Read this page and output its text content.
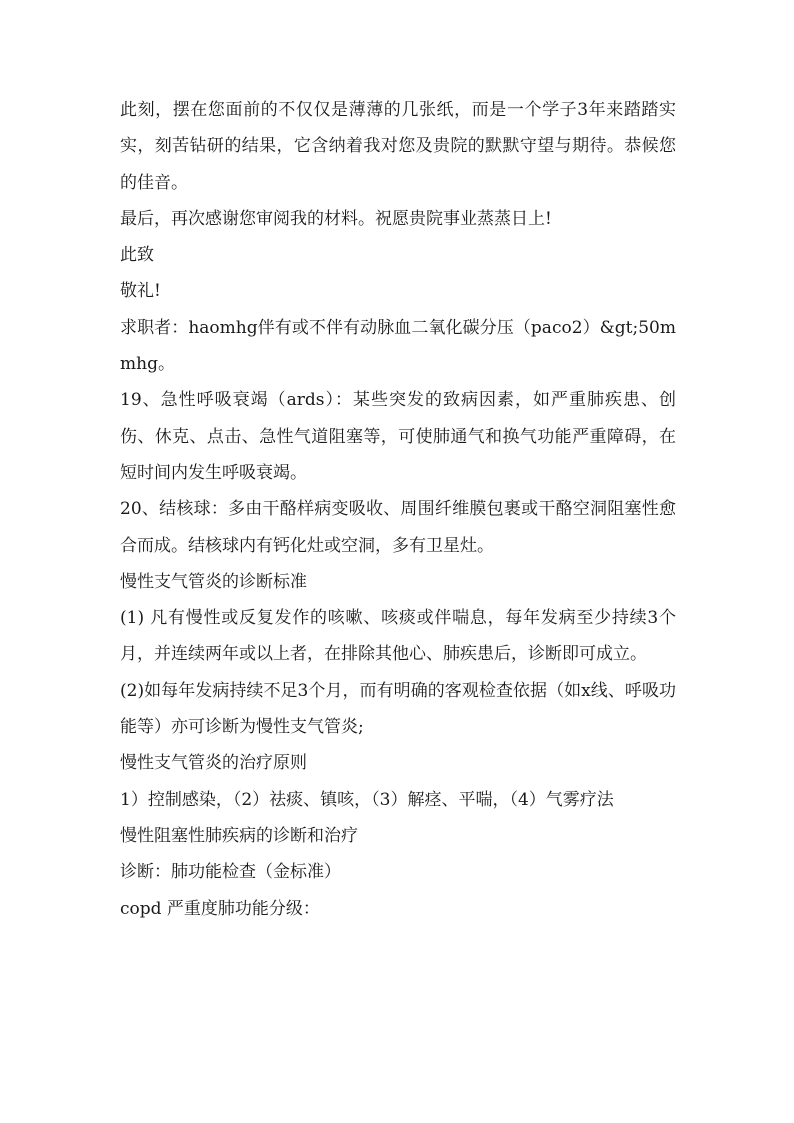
此刻，摆在您面前的不仅仅是薄薄的几张纸，而是一个学子3年来踏踏实实，刻苦钻研的结果，它含纳着我对您及贵院的默默守望与期待。恭候您的佳音。

最后，再次感谢您审阅我的材料。祝愿贵院事业蒸蒸日上!

此致

敬礼!

求职者：haomhg伴有或不伴有动脉血二氧化碳分压（paco2）&gt;50mmhg。

19、急性呼吸衰竭（ards）：某些突发的致病因素，如严重肺疾患、创伤、休克、点击、急性气道阻塞等，可使肺通气和换气功能严重障碍，在短时间内发生呼吸衰竭。

20、结核球：多由干酪样病变吸收、周围纤维膜包裹或干酪空洞阻塞性愈合而成。结核球内有钙化灶或空洞，多有卫星灶。

慢性支气管炎的诊断标准

(1) 凡有慢性或反复发作的咳嗽、咳痰或伴喘息，每年发病至少持续3个月，并连续两年或以上者，在排除其他心、肺疾患后，诊断即可成立。

(2)如每年发病持续不足3个月，而有明确的客观检查依据（如x线、呼吸功能等）亦可诊断为慢性支气管炎;

慢性支气管炎的治疗原则

1）控制感染，（2）祛痰、镇咳，（3）解痉、平喘，（4）气雾疗法

慢性阻塞性肺疾病的诊断和治疗

诊断：肺功能检查（金标准）

copd 严重度肺功能分级：
